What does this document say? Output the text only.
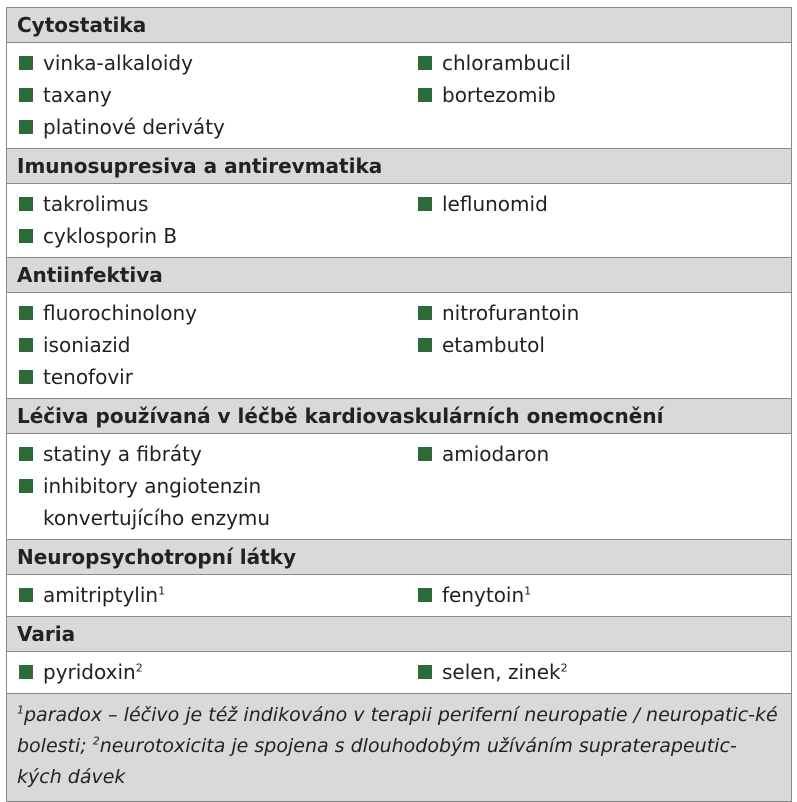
Cytostatika
vinka-alkaloidy
taxany
platinové deriváty
chlorambucil
bortezomib
Imunosupresiva a antirevmatika
takrolimus
cyklosporin B
leflunomid
Antiinfektiva
fluorochinolony
isoniazid
tenofovir
nitrofurantoin
etambutol
Léčiva používaná v léčbě kardiovaskulárních onemocnění
statiny a fibráty
inhibitory angiotenzin
konvertujícího enzymu
amiodaron
Neuropsychotropní látky
amitriptylin$^1$	fenytoin$^1$
Varia
pyridoxin$^2$	selen, zinek$^2$
$^1$paradox – léčivo je též indikováno v terapii periferní neuropatie / neuropatic-ké bolesti; $^2$neurotoxicita je spojena s dlouhodobým užíváním supraterapeutic-kých dávek
